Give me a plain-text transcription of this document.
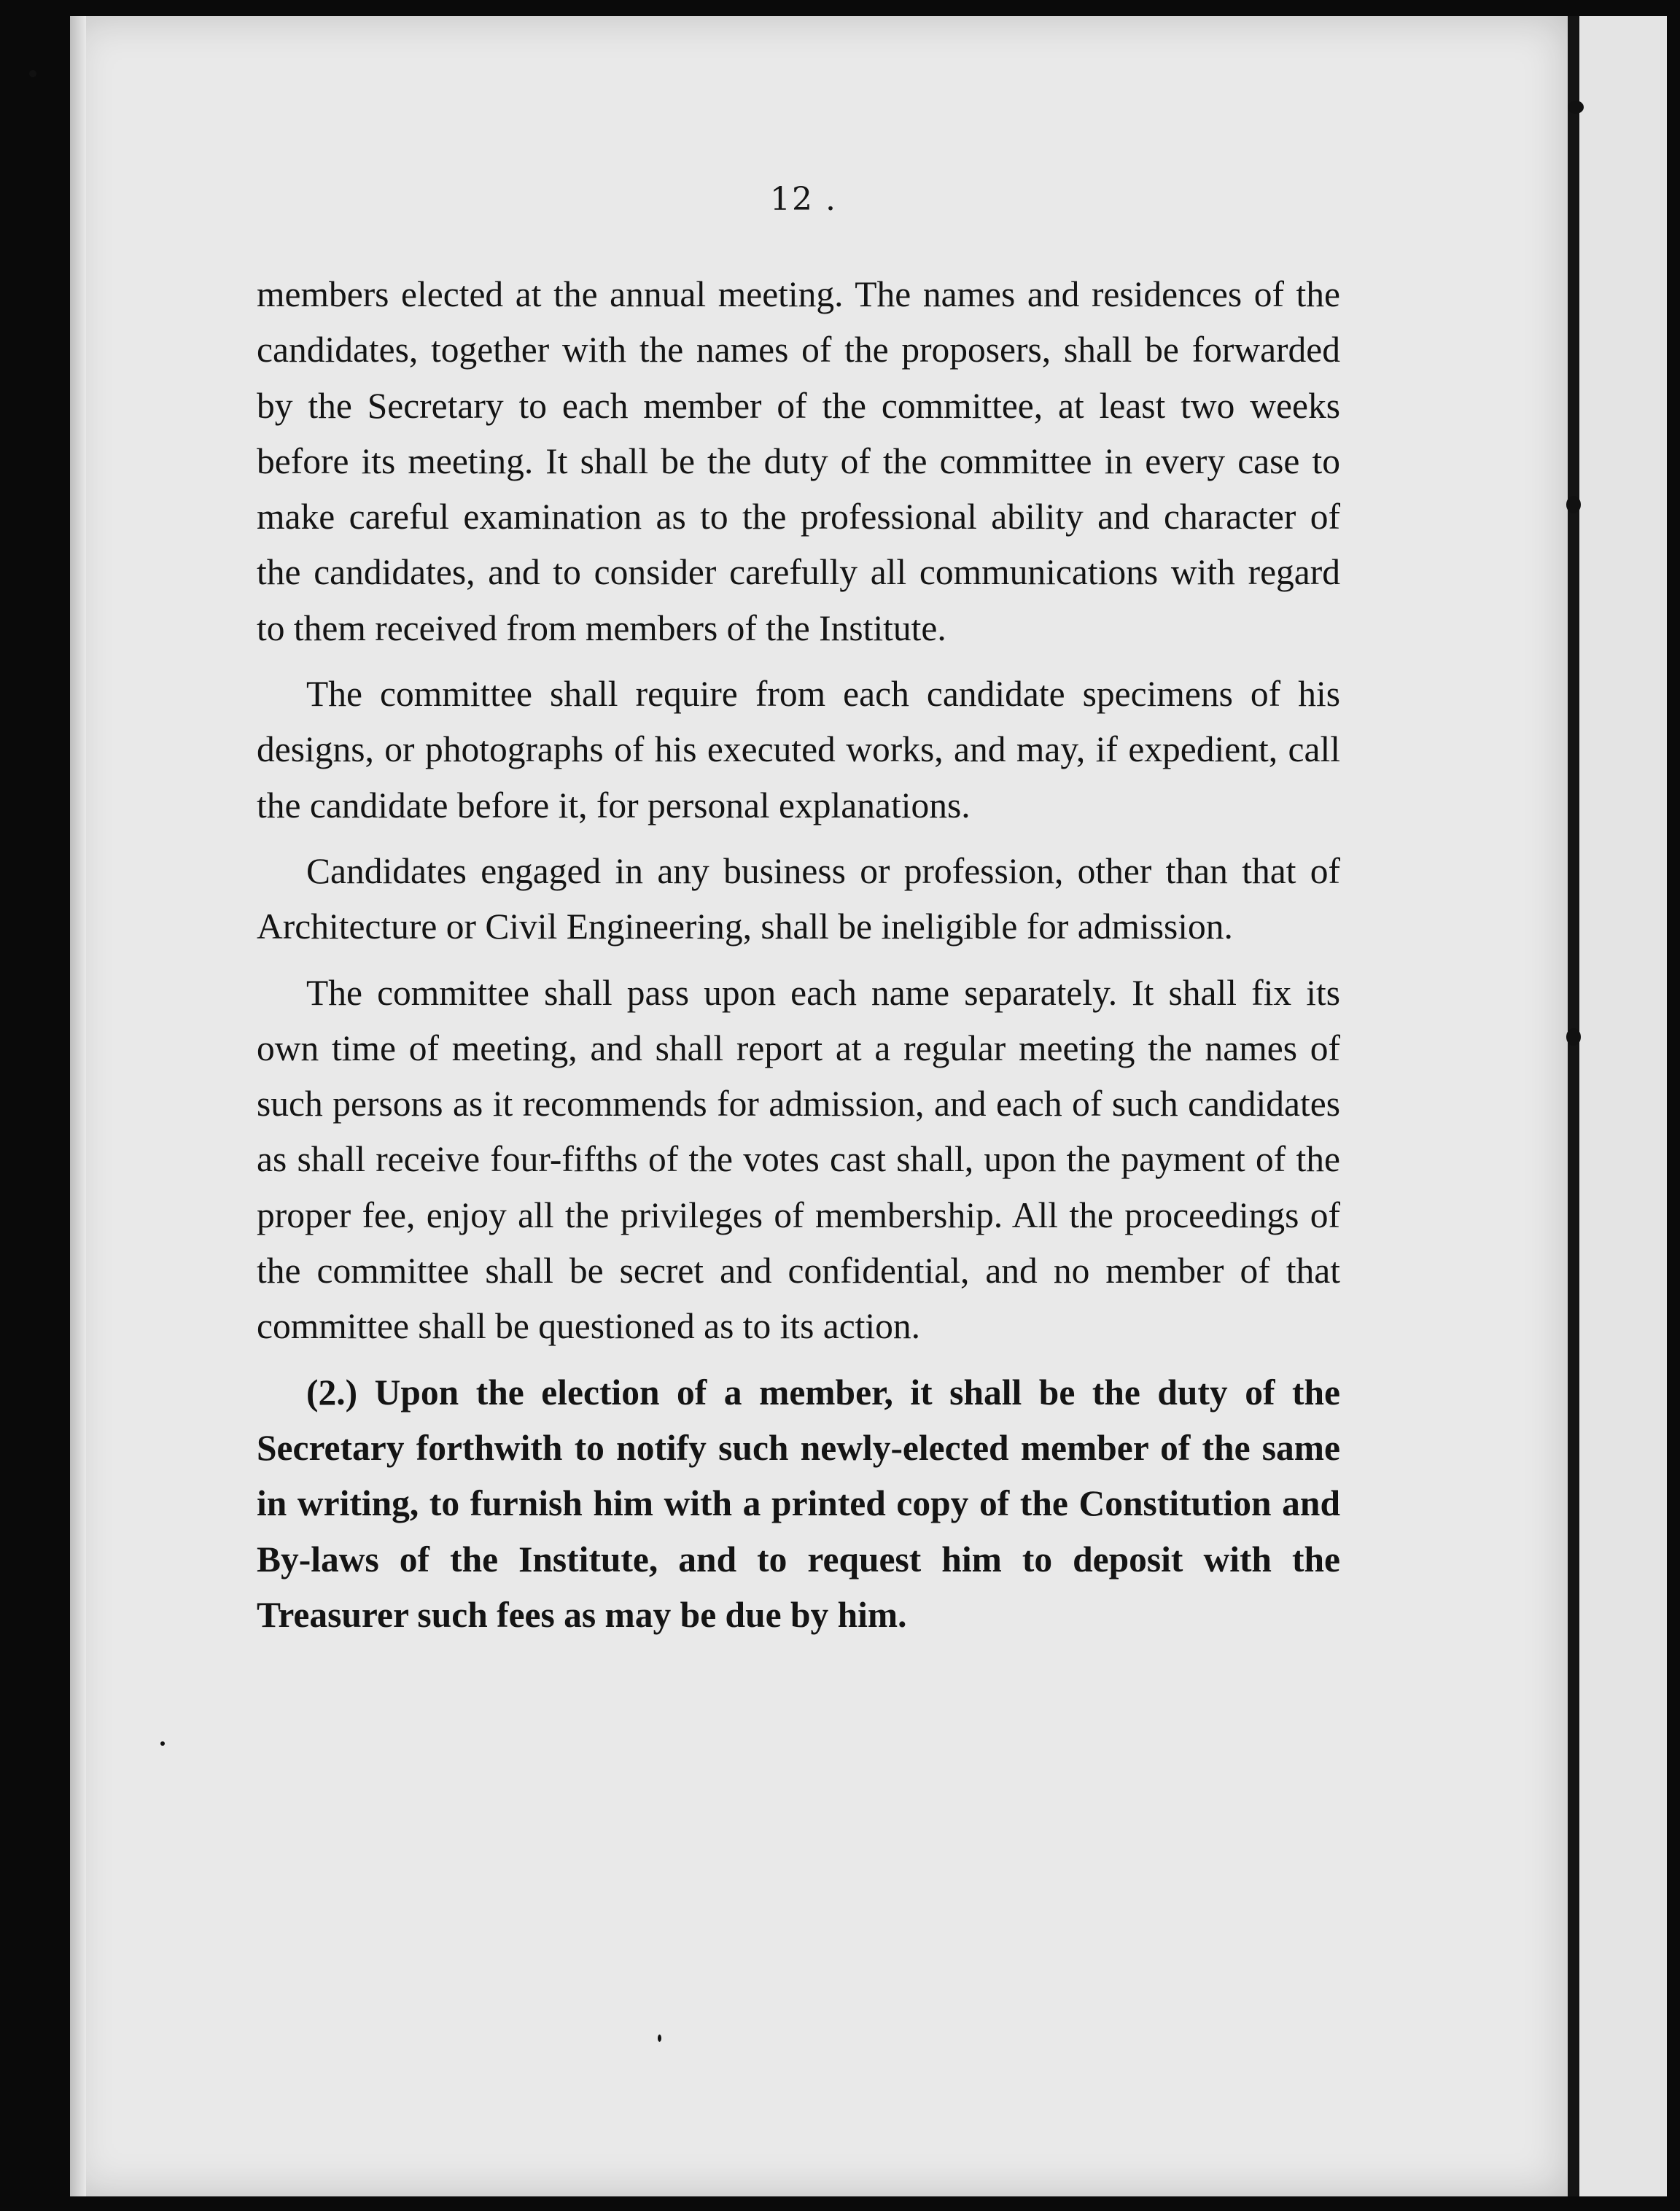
12 .

members elected at the annual meeting. The names and residences of the candidates, together with the names of the proposers, shall be forwarded by the Secretary to each member of the committee, at least two weeks before its meeting. It shall be the duty of the committee in every case to make careful examination as to the professional ability and character of the candidates, and to consider carefully all communications with regard to them received from members of the Institute.

The committee shall require from each candidate specimens of his designs, or photographs of his executed works, and may, if expedient, call the candidate before it, for personal explanations.

Candidates engaged in any business or profession, other than that of Architecture or Civil Engineering, shall be ineligible for admission.

The committee shall pass upon each name separately. It shall fix its own time of meeting, and shall report at a regular meeting the names of such persons as it recommends for admission, and each of such candidates as shall receive four-fifths of the votes cast shall, upon the payment of the proper fee, enjoy all the privileges of membership. All the proceedings of the committee shall be secret and confidential, and no member of that committee shall be questioned as to its action.

(2.) Upon the election of a member, it shall be the duty of the Secretary forthwith to notify such newly-elected member of the same in writing, to furnish him with a printed copy of the Constitution and By-laws of the Institute, and to request him to deposit with the Treasurer such fees as may be due by him.
